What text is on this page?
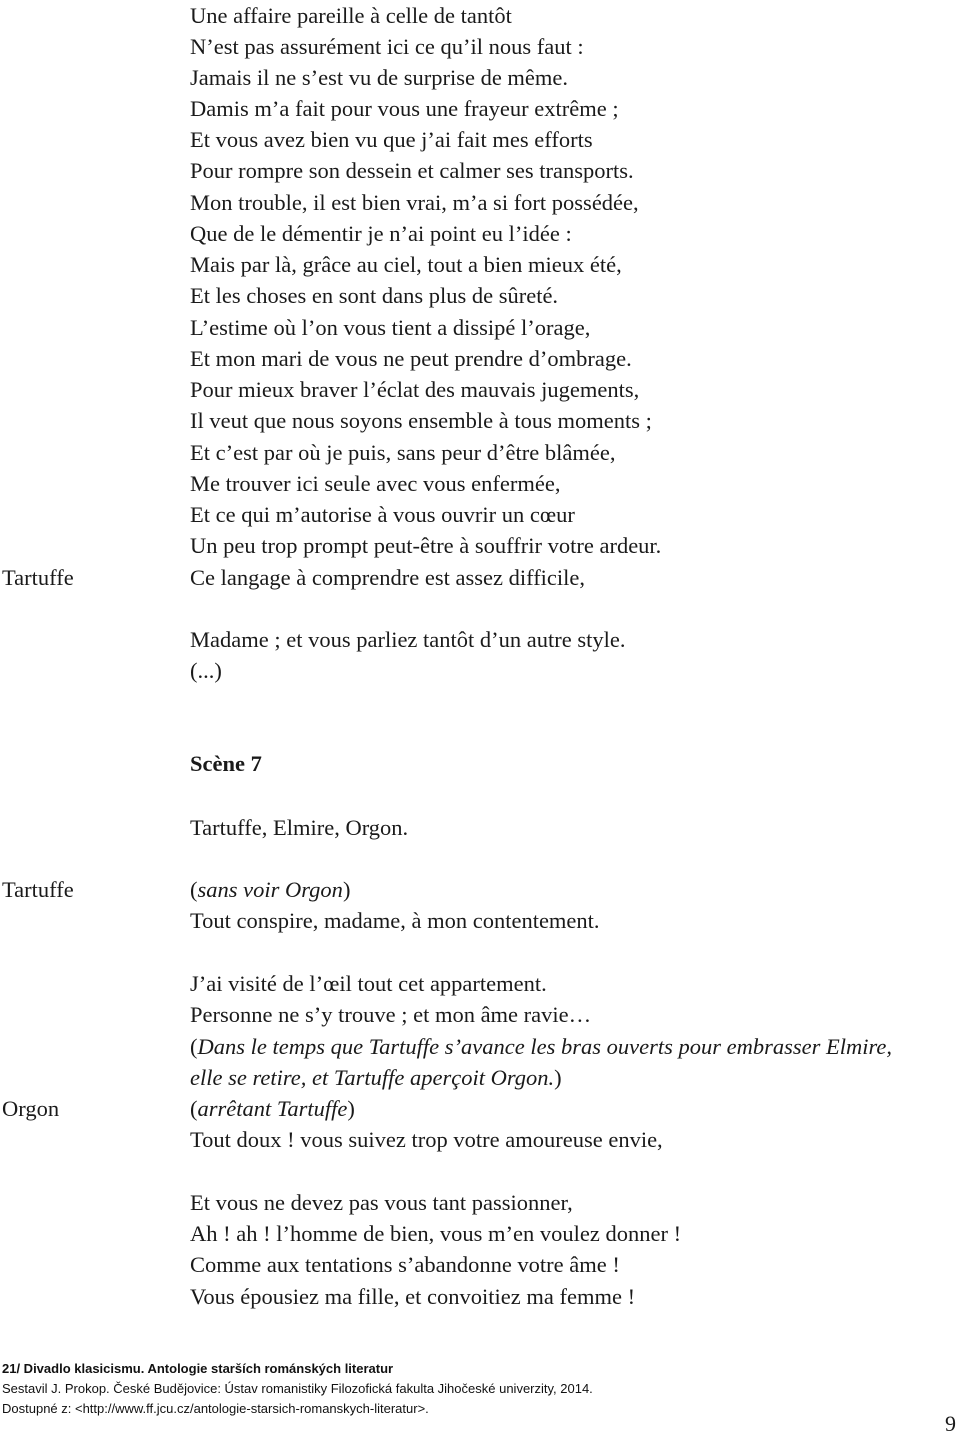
Une affaire pareille à celle de tantôt
N’est pas assurément ici ce qu’il nous faut :
Jamais il ne s’est vu de surprise de même.
Damis m’a fait pour vous une frayeur extrême ;
Et vous avez bien vu que j’ai fait mes efforts
Pour rompre son dessein et calmer ses transports.
Mon trouble, il est bien vrai, m’a si fort possédée,
Que de le démentir je n’ai point eu l’idée :
Mais par là, grâce au ciel, tout a bien mieux été,
Et les choses en sont dans plus de sûreté.
L’estime où l’on vous tient a dissipé l’orage,
Et mon mari de vous ne peut prendre d’ombrage.
Pour mieux braver l’éclat des mauvais jugements,
Il veut que nous soyons ensemble à tous moments ;
Et c’est par où je puis, sans peur d’être blâmée,
Me trouver ici seule avec vous enfermée,
Et ce qui m’autorise à vous ouvrir un cœur
Un peu trop prompt peut-être à souffrir votre ardeur.
Tartuffe	Ce langage à comprendre est assez difficile,
Madame ; et vous parliez tantôt d’un autre style.
(...)
Scène 7
Tartuffe, Elmire, Orgon.
Tartuffe	(sans voir Orgon)
Tout conspire, madame, à mon contentement.
J’ai visité de l’œil tout cet appartement.
Personne ne s’y trouve ; et mon âme ravie…
(Dans le temps que Tartuffe s’avance les bras ouverts pour embrasser Elmire,
elle se retire, et Tartuffe aperçoit Orgon.)
Orgon	(arrêtant Tartuffe)
Tout doux ! vous suivez trop votre amoureuse envie,
Et vous ne devez pas vous tant passionner,
Ah ! ah ! l’homme de bien, vous m’en voulez donner !
Comme aux tentations s’abandonne votre âme !
Vous épousiez ma fille, et convoitiez ma femme !
21/ Divadlo klasicismu. Antologie starších románských literatur
Sestavil J. Prokop. České Budějovice: Ústav romanistiky Filozofická fakulta Jihočeské univerzity, 2014.
Dostupné z: <http://www.ff.jcu.cz/antologie-starsich-romanskych-literatur>.
9
